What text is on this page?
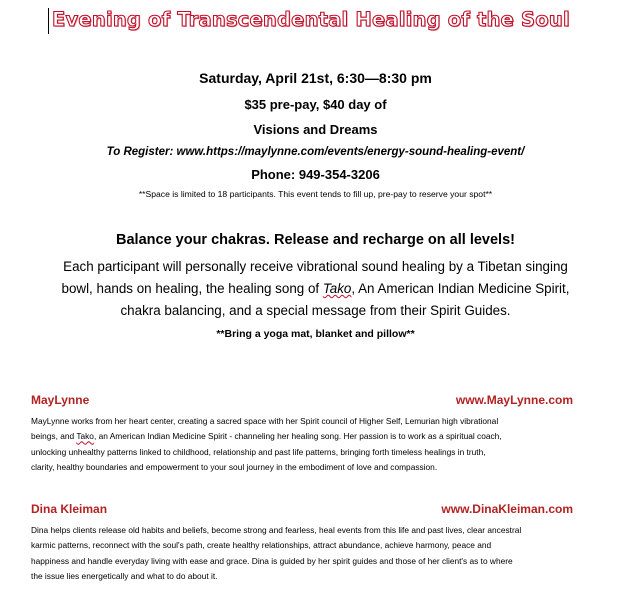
Evening of Transcendental Healing of the Soul
Saturday, April 21st, 6:30—8:30 pm
$35 pre-pay, $40 day of
Visions and Dreams
To Register: www.https://maylynne.com/events/energy-sound-healing-event/
Phone: 949-354-3206
**Space is limited to 18 participants. This event tends to fill up, pre-pay to reserve your spot**
Balance your chakras. Release and recharge on all levels!
Each participant will personally receive vibrational sound healing by a Tibetan singing
bowl, hands on healing, the healing song of Tako, An American Indian Medicine Spirit,
chakra balancing, and a special message from their Spirit Guides.
**Bring a yoga mat, blanket and pillow**
MayLynne	www.MayLynne.com
MayLynne works from her heart center, creating a sacred space with her Spirit council of Higher Self, Lemurian high vibrational
beings, and Tako, an American Indian Medicine Spirit - channeling her healing song. Her passion is to work as a spiritual coach,
unlocking unhealthy patterns linked to childhood, relationship and past life patterns, bringing forth timeless healings in truth,
clarity, healthy boundaries and empowerment to your soul journey in the embodiment of love and compassion.
Dina Kleiman	www.DinaKleiman.com
Dina helps clients release old habits and beliefs, become strong and fearless, heal events from this life and past lives, clear ancestral
karmic patterns, reconnect with the soul's path, create healthy relationships, attract abundance, achieve harmony, peace and
happiness and handle everyday living with ease and grace. Dina is guided by her spirit guides and those of her client's as to where
the issue lies energetically and what to do about it.
